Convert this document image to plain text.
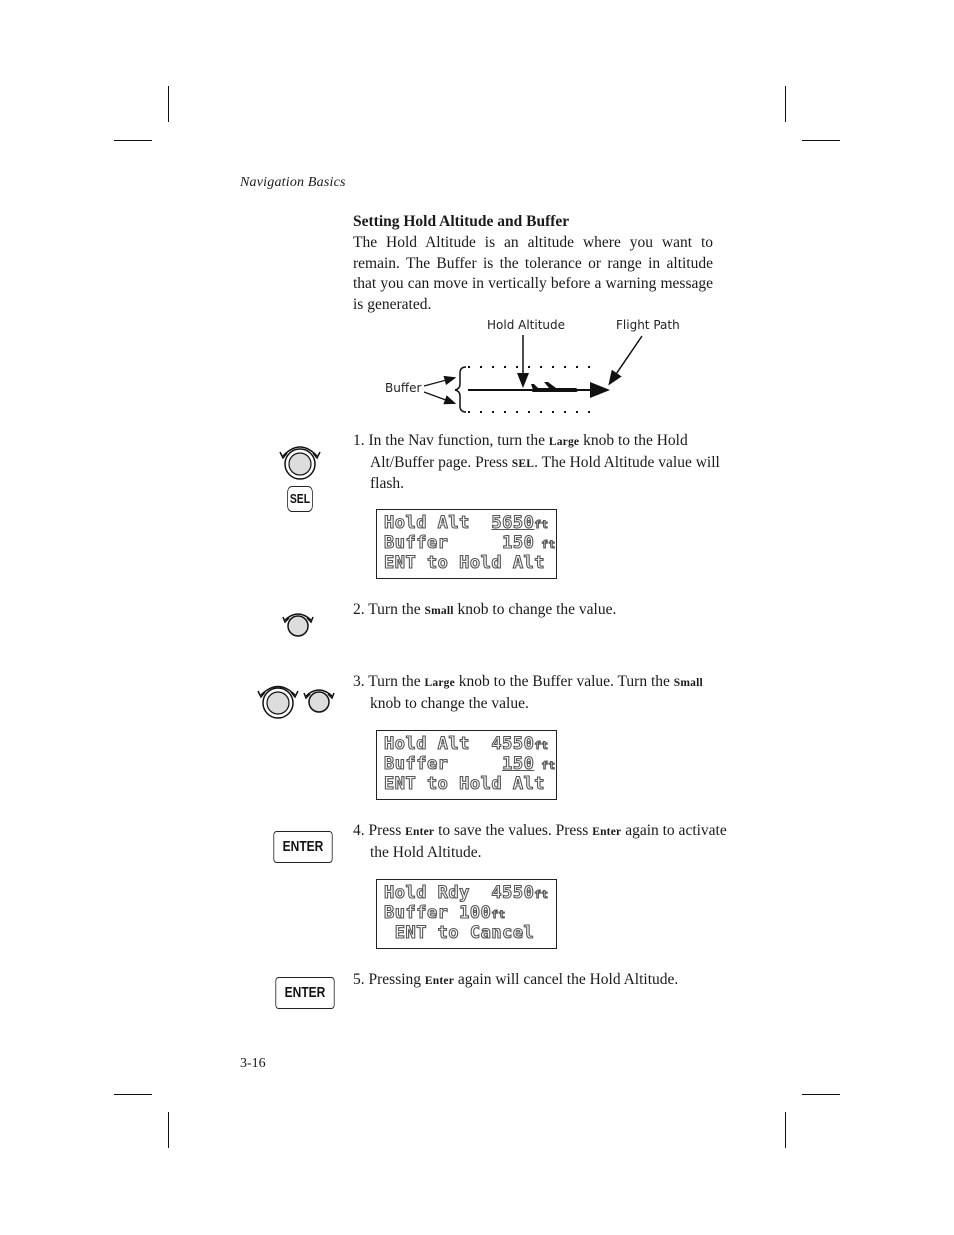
Navigation Basics
Setting Hold Altitude and Buffer
The Hold Altitude is an altitude where you want to remain. The Buffer is the tolerance or range in altitude that you can move in vertically before a warning message is generated.
Hold Altitude	Flight Path
Buffer
SEL
1. In the Nav function, turn the Large knob to the Hold Alt/Buffer page. Press SEL. The Hold Altitude value will flash.
Hold Alt  5650ft
Buffer     150 ft
ENT to Hold Alt
2. Turn the Small knob to change the value.
3. Turn the Large knob to the Buffer value. Turn the Small knob to change the value.
Hold Alt  4550ft
Buffer     150 ft
ENT to Hold Alt
ENTER
4. Press Enter to save the values. Press Enter again to activate the Hold Altitude.
Hold Rdy  4550ft
Buffer 100ft
ENT to Cancel
ENTER
5. Pressing Enter again will cancel the Hold Altitude.
3-16
